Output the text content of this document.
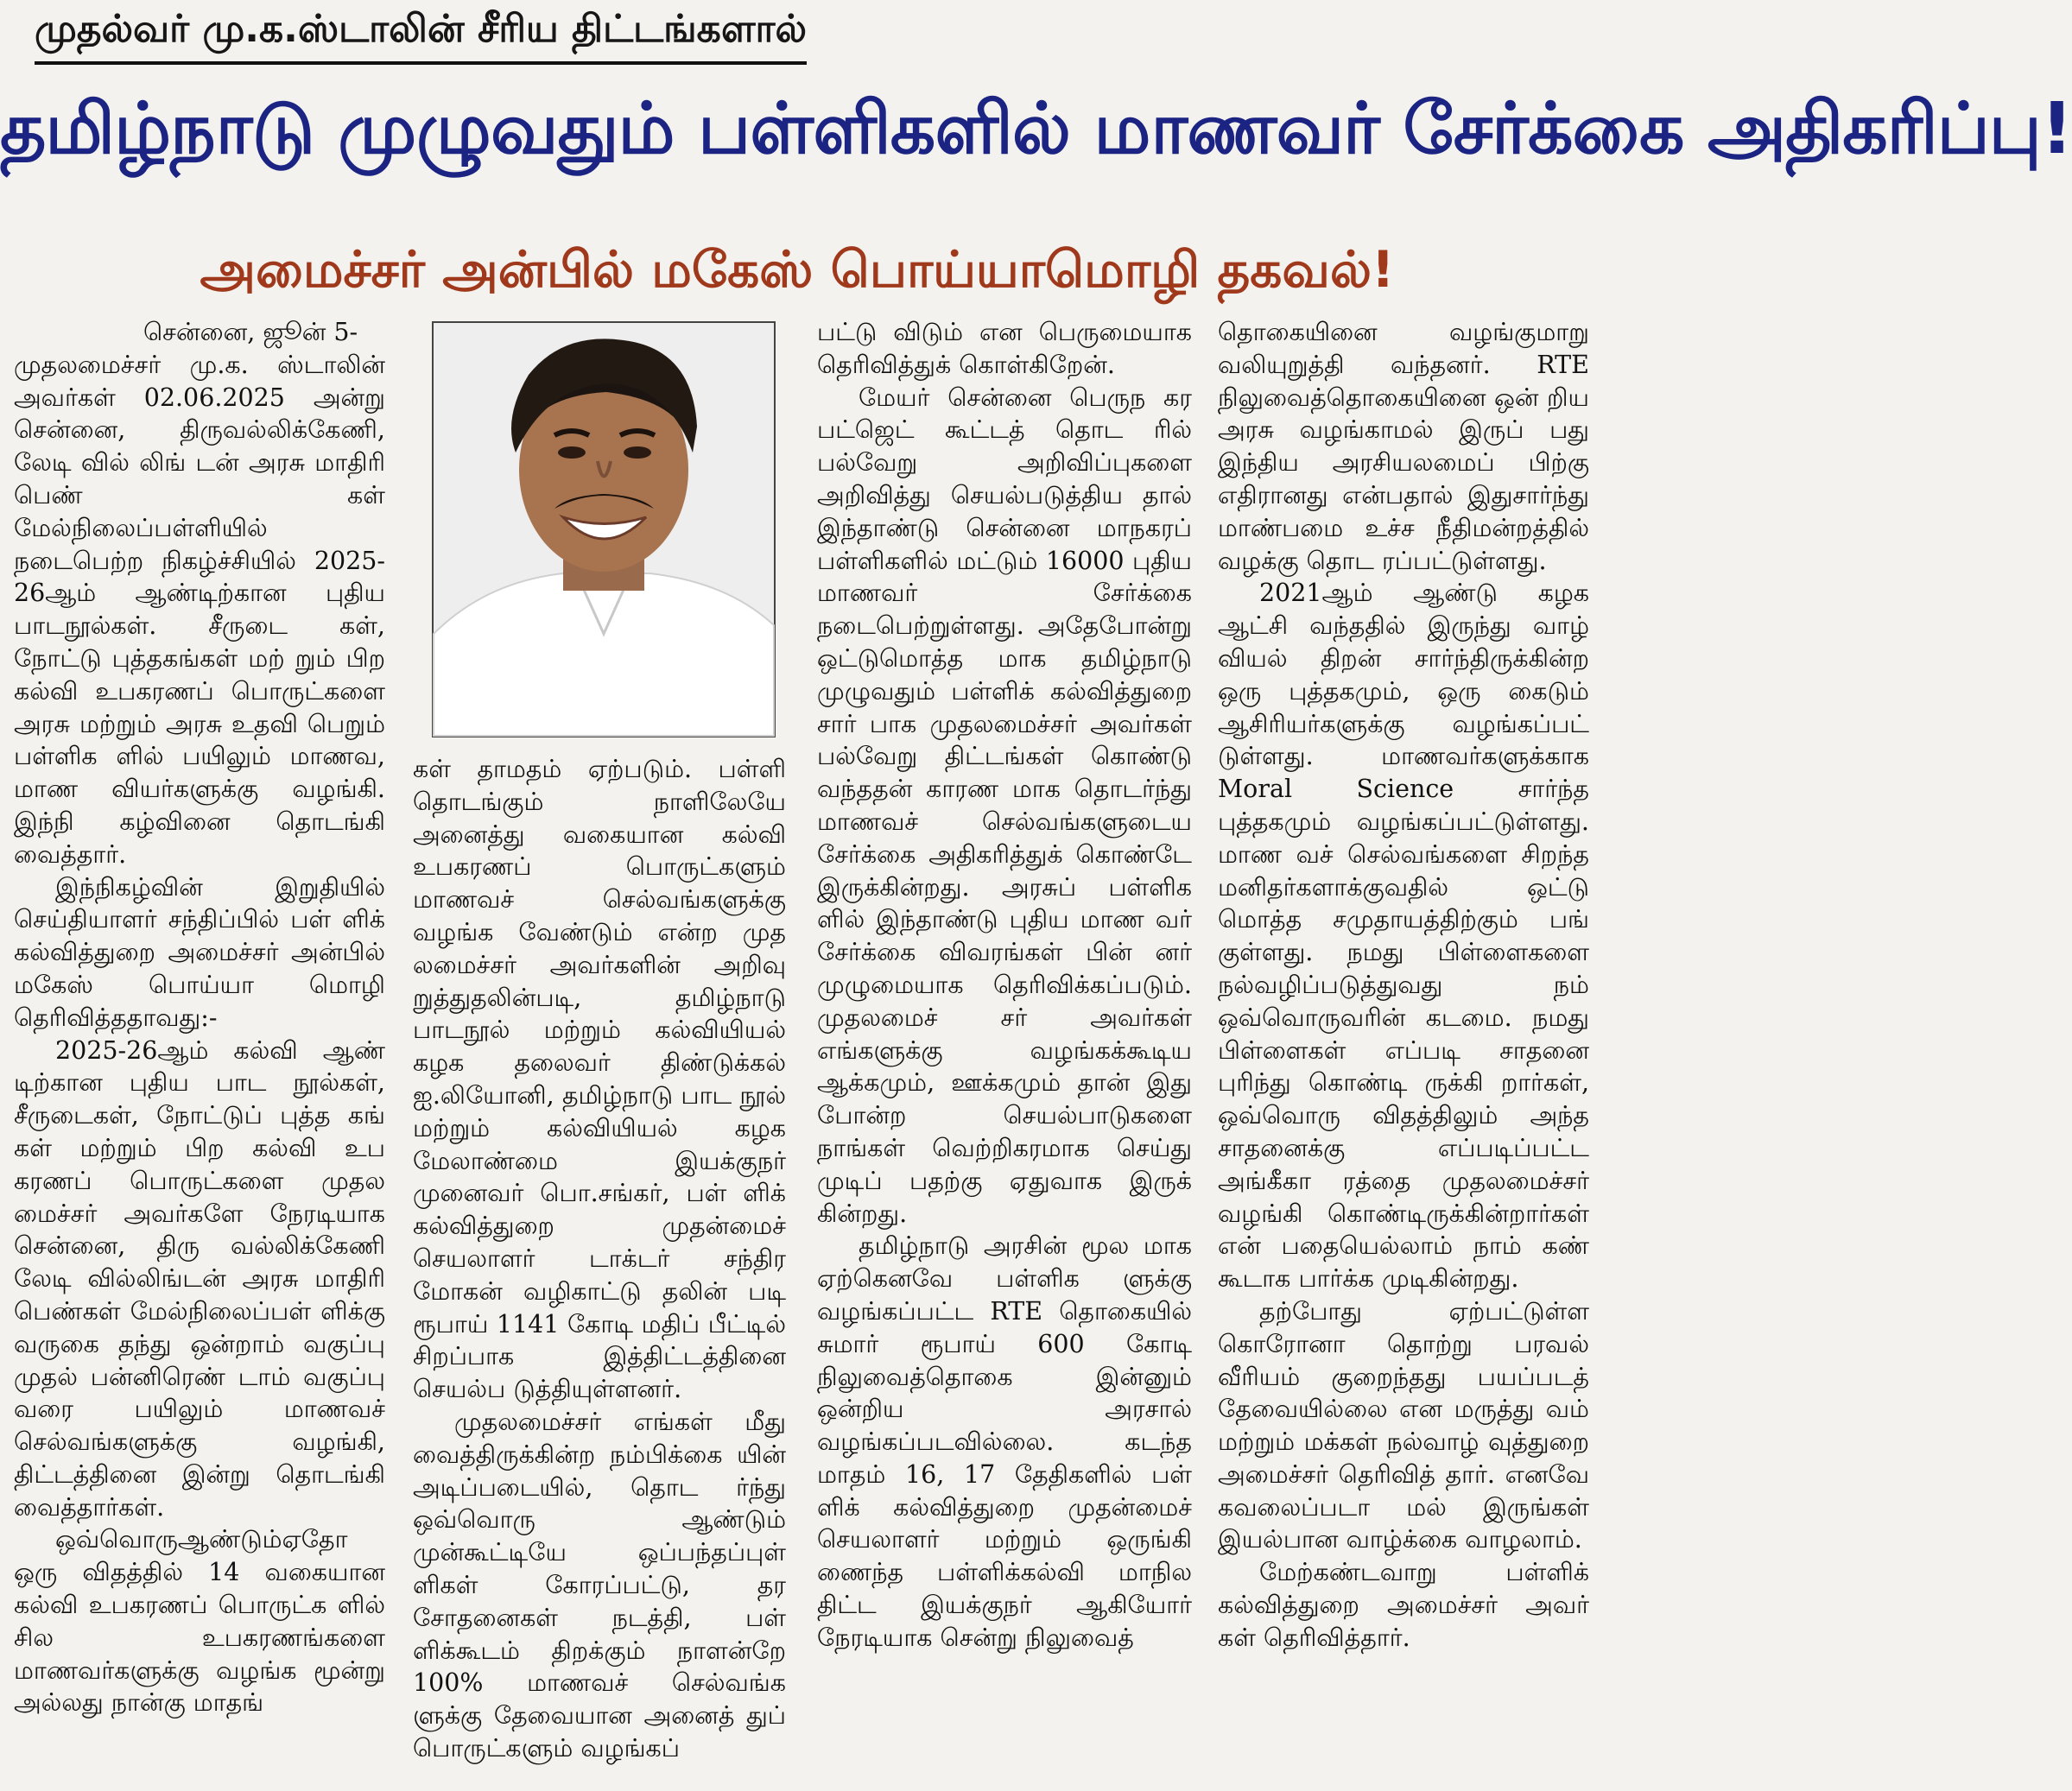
முதல்வர் மு.க.ஸ்டாலின் சீரிய திட்டங்களால்
தமிழ்நாடு முழுவதும் பள்ளிகளில் மாணவர் சேர்க்கை அதிகரிப்பு!
அமைச்சர் அன்பில் மகேஸ் பொய்யாமொழி தகவல்!

சென்னை, ஜூன் 5-

முதலமைச்சர் மு.க. ஸ்டாலின் அவர்கள் 02.06.2025 அன்று சென்னை, திருவல்லிக்கேணி, லேடி வில் லிங் டன் அரசு மாதிரி பெண் கள் மேல்நிலைப்பள்ளியில் நடைபெற்ற நிகழ்ச்சியில் 2025-26ஆம் ஆண்டிற்கான புதிய பாடநூல்கள். சீருடை கள், நோட்டு புத்தகங்கள் மற் றும் பிற கல்வி உபகரணப் பொருட்களை அரசு மற்றும் அரசு உதவி பெறும் பள்ளிக ளில் பயிலும் மாணவ, மாண வியர்களுக்கு வழங்கி. இந்நி கழ்வினை தொடங்கி வைத்தார்.

இந்நிகழ்வின் இறுதியில் செய்தியாளர் சந்திப்பில் பள் ளிக் கல்வித்துறை அமைச்சர் அன்பில் மகேஸ் பொய்யா மொழி தெரிவித்ததாவது:-

2025-26ஆம் கல்வி ஆண் டிற்கான புதிய பாட நூல்கள், சீருடைகள், நோட்டுப் புத்த கங் கள் மற்றும் பிற கல்வி உப கரணப் பொருட்களை முதல மைச்சர் அவர்களே நேரடியாக சென்னை, திரு வல்லிக்கேணி லேடி வில்லிங்டன் அரசு மாதிரி பெண்கள் மேல்நிலைப்பள் ளிக்கு வருகை தந்து ஒன்றாம் வகுப்பு முதல் பன்னிரெண் டாம் வகுப்பு வரை பயிலும் மாணவச் செல்வங்களுக்கு வழங்கி, திட்டத்தினை இன்று தொடங்கி வைத்தார்கள்.

ஒவ்வொருஆண்டும்ஏதோ ஒரு விதத்தில் 14 வகையான கல்வி உபகரணப் பொருட்க ளில் சில உபகரணங்களை மாணவர்களுக்கு வழங்க மூன்று அல்லது நான்கு மாதங்

கள் தாமதம் ஏற்படும். பள்ளி தொடங்கும் நாளிலேயே அனைத்து வகையான கல்வி உபகரணப் பொருட்களும் மாணவச் செல்வங்களுக்கு வழங்க வேண்டும் என்ற முத லமைச்சர் அவர்களின் அறிவு றுத்துதலின்படி, தமிழ்நாடு பாடநூல் மற்றும் கல்வியியல் கழக தலைவர் திண்டுக்கல் ஐ.லியோனி, தமிழ்நாடு பாட நூல் மற்றும் கல்வியியல் கழக மேலாண்மை இயக்குநர் முனைவர் பொ.சங்கர், பள் ளிக் கல்வித்துறை முதன்மைச் செயலாளர் டாக்டர் சந்திர மோகன் வழிகாட்டு தலின் படி ரூபாய் 1141 கோடி மதிப் பீட்டில் சிறப்பாக இத்திட்டத்தினை செயல்ப டுத்தியுள்ளனர்.

முதலமைச்சர் எங்கள் மீது வைத்திருக்கின்ற நம்பிக்கை யின் அடிப்படையில், தொட ர்ந்து ஒவ்வொரு ஆண்டும் முன்கூட்டியே ஒப்பந்தப்புள் ளிகள் கோரப்பட்டு, தர சோதனைகள் நடத்தி, பள் ளிக்கூடம் திறக்கும் நாளன்றே 100% மாணவச் செல்வங்க ளுக்கு தேவையான அனைத் துப் பொருட்களும் வழங்கப்

பட்டு விடும் என பெருமையாக தெரிவித்துக் கொள்கிறேன்.

மேயர் சென்னை பெருந கர பட்ஜெட் கூட்டத் தொட ரில் பல்வேறு அறிவிப்புகளை அறிவித்து செயல்படுத்திய தால் இந்தாண்டு சென்னை மாநகரப் பள்ளிகளில் மட்டும் 16000 புதிய மாணவர் சேர்க்கை நடைபெற்றுள்ளது. அதேபோன்று ஒட்டுமொத்த மாக தமிழ்நாடு முழுவதும் பள்ளிக் கல்வித்துறை சார் பாக முதலமைச்சர் அவர்கள் பல்வேறு திட்டங்கள் கொண்டு வந்ததன் காரண மாக தொடர்ந்து மாணவச் செல்வங்களுடைய சேர்க்கை அதிகரித்துக் கொண்டே இருக்கின்றது. அரசுப் பள்ளிக ளில் இந்தாண்டு புதிய மாண வர் சேர்க்கை விவரங்கள் பின் னர் முழுமையாக தெரிவிக்கப்படும். முதலமைச் சர் அவர்கள் எங்களுக்கு வழங்கக்கூடிய ஆக்கமும், ஊக்கமும் தான் இது போன்ற செயல்பாடுகளை நாங்கள் வெற்றிகரமாக செய்து முடிப் பதற்கு ஏதுவாக இருக் கின்றது.

தமிழ்நாடு அரசின் மூல மாக ஏற்கெனவே பள்ளிக ளுக்கு வழங்கப்பட்ட RTE தொகையில் சுமார் ரூபாய் 600 கோடி நிலுவைத்தொகை இன்னும் ஒன்றிய அரசால் வழங்கப்படவில்லை. கடந்த மாதம் 16, 17 தேதிகளில் பள் ளிக் கல்வித்துறை முதன்மைச் செயலாளர் மற்றும் ஒருங்கி ணைந்த பள்ளிக்கல்வி மாநில திட்ட இயக்குநர் ஆகியோர் நேரடியாக சென்று நிலுவைத்

தொகையினை வழங்குமாறு வலியுறுத்தி வந்தனர். RTE நிலுவைத்தொகையினை ஒன் றிய அரசு வழங்காமல் இருப் பது இந்திய அரசியலமைப் பிற்கு எதிரானது என்பதால் இதுசார்ந்து மாண்பமை உச்ச நீதிமன்றத்தில் வழக்கு தொட ரப்பட்டுள்ளது.

2021ஆம் ஆண்டு கழக ஆட்சி வந்ததில் இருந்து வாழ் வியல் திறன் சார்ந்திருக்கின்ற ஒரு புத்தகமும், ஒரு கைடும் ஆசிரியர்களுக்கு வழங்கப்பட் டுள்ளது. மாணவர்களுக்காக Moral Science சார்ந்த புத்தகமும் வழங்கப்பட்டுள்ளது. மாண வச் செல்வங்களை சிறந்த மனிதர்களாக்குவதில் ஒட்டு மொத்த சமுதாயத்திற்கும் பங் குள்ளது. நமது பிள்ளைகளை நல்வழிப்படுத்துவது நம் ஒவ்வொருவரின் கடமை. நமது பிள்ளைகள் எப்படி சாதனை புரிந்து கொண்டி ருக்கி றார்கள், ஒவ்வொரு விதத்திலும் அந்த சாதனைக்கு எப்படிப்பட்ட அங்கீகா ரத்தை முதலமைச்சர் வழங்கி கொண்டிருக்கின்றார்கள் என் பதையெல்லாம் நாம் கண் கூடாக பார்க்க முடிகின்றது.

தற்போது ஏற்பட்டுள்ள கொரோனா தொற்று பரவல் வீரியம் குறைந்தது பயப்படத் தேவையில்லை என மருத்து வம் மற்றும் மக்கள் நல்வாழ் வுத்துறை அமைச்சர் தெரிவித் தார். எனவே கவலைப்படா மல் இருங்கள் இயல்பான வாழ்க்கை வாழலாம்.

மேற்கண்டவாறு பள்ளிக் கல்வித்துறை அமைச்சர் அவர் கள் தெரிவித்தார்.
